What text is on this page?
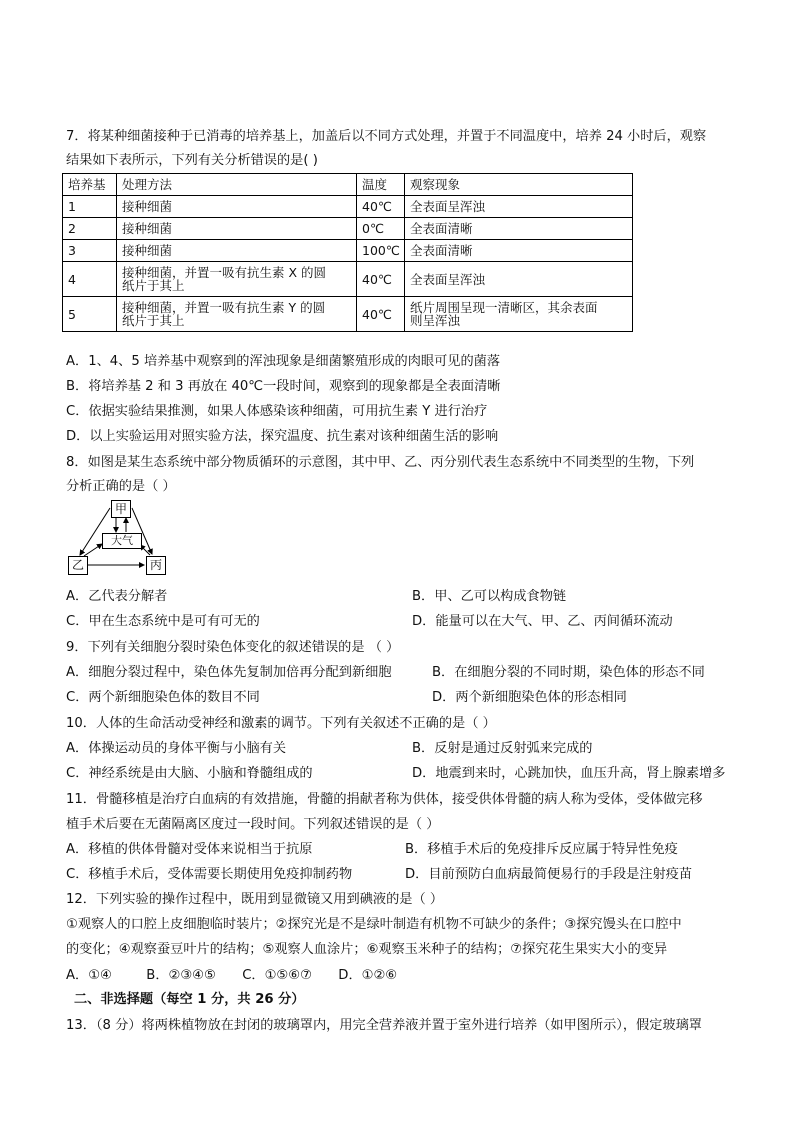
7．将某种细菌接种于已消毒的培养基上，加盖后以不同方式处理，并置于不同温度中，培养 24 小时后，观察
结果如下表所示，下列有关分析错误的是( )
培养基	处理方法	温度	观察现象
1	接种细菌	40℃	全表面呈浑浊
2	接种细菌	0℃	全表面清晰
3	接种细菌	100℃	全表面清晰
4	接种细菌，并置一吸有抗生素 X 的圆
纸片于其上	40℃	全表面呈浑浊
5	接种细菌，并置一吸有抗生素 Y 的圆
纸片于其上	40℃	纸片周围呈现一清晰区，其余表面
则呈浑浊
A．1、4、5 培养基中观察到的浑浊现象是细菌繁殖形成的肉眼可见的菌落
B．将培养基 2 和 3 再放在 40℃一段时间，观察到的现象都是全表面清晰
C．依据实验结果推测，如果人体感染该种细菌，可用抗生素 Y 进行治疗
D．以上实验运用对照实验方法，探究温度、抗生素对该种细菌生活的影响
8．如图是某生态系统中部分物质循环的示意图，其中甲、乙、丙分别代表生态系统中不同类型的生物，下列
分析正确的是（ ）
甲
大气
乙	丙
A．乙代表分解者	B．甲、乙可以构成食物链
C．甲在生态系统中是可有可无的	D．能量可以在大气、甲、乙、丙间循环流动
9．下列有关细胞分裂时染色体变化的叙述错误的是 （ ）
A．细胞分裂过程中，染色体先复制加倍再分配到新细胞	B．在细胞分裂的不同时期，染色体的形态不同
C．两个新细胞染色体的数目不同	D．两个新细胞染色体的形态相同
10．人体的生命活动受神经和激素的调节。下列有关叙述不正确的是（ ）
A．体操运动员的身体平衡与小脑有关	B．反射是通过反射弧来完成的
C．神经系统是由大脑、小脑和脊髓组成的	D．地震到来时，心跳加快，血压升高，肾上腺素增多
11．骨髓移植是治疗白血病的有效措施，骨髓的捐献者称为供体，接受供体骨髓的病人称为受体，受体做完移
植手术后要在无菌隔离区度过一段时间。下列叙述错误的是（ ）
A．移植的供体骨髓对受体来说相当于抗原	B．移植手术后的免疫排斥反应属于特异性免疫
C．移植手术后，受体需要长期使用免疫抑制药物	D．目前预防白血病最简便易行的手段是注射疫苗
12．下列实验的操作过程中，既用到显微镜又用到碘液的是（ ）
①观察人的口腔上皮细胞临时装片；②探究光是不是绿叶制造有机物不可缺少的条件；③探究馒头在口腔中
的变化；④观察蚕豆叶片的结构；⑤观察人血涂片；⑥观察玉米种子的结构；⑦探究花生果实大小的变异
A．①④	B．②③④⑤ C．①⑤⑥⑦ D．①②⑥
二、非选择题（每空 1 分，共 26 分）
13．（8 分）将两株植物放在封闭的玻璃罩内，用完全营养液并置于室外进行培养（如甲图所示），假定玻璃罩
